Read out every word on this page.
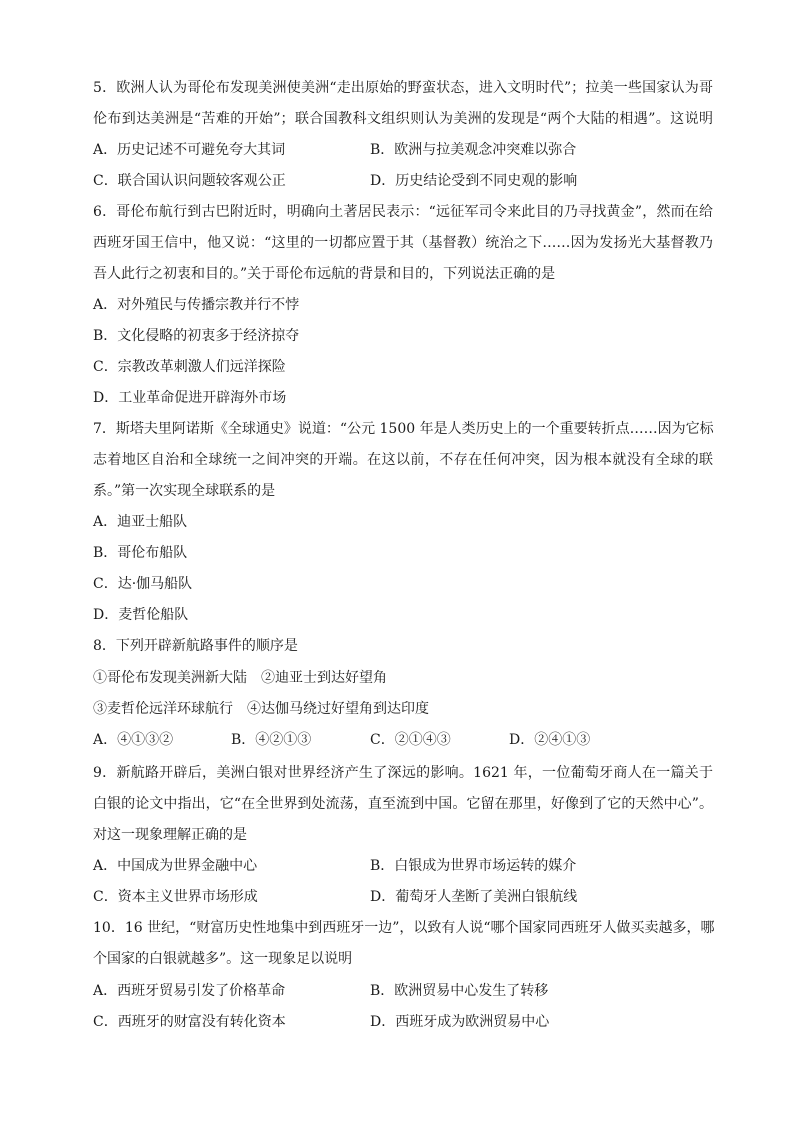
5．欧洲人认为哥伦布发现美洲使美洲“走出原始的野蛮状态，进入文明时代”；拉美一些国家认为哥
伦布到达美洲是“苦难的开始”；联合国教科文组织则认为美洲的发现是“两个大陆的相遇”。这说明
A．历史记述不可避免夸大其词	B．欧洲与拉美观念冲突难以弥合
C．联合国认识问题较客观公正	D．历史结论受到不同史观的影响
6．哥伦布航行到古巴附近时，明确向土著居民表示：“远征军司令来此目的乃寻找黄金”，然而在给
西班牙国王信中，他又说：“这里的一切都应置于其（基督教）统治之下……因为发扬光大基督教乃
吾人此行之初衷和目的。”关于哥伦布远航的背景和目的，下列说法正确的是
A．对外殖民与传播宗教并行不悖
B．文化侵略的初衷多于经济掠夺
C．宗教改革刺激人们远洋探险
D．工业革命促进开辟海外市场
7．斯塔夫里阿诺斯《全球通史》说道：“公元 1500 年是人类历史上的一个重要转折点……因为它标
志着地区自治和全球统一之间冲突的开端。在这以前，不存在任何冲突，因为根本就没有全球的联
系。”第一次实现全球联系的是
A．迪亚士船队
B．哥伦布船队
C．达·伽马船队
D．麦哲伦船队
8．下列开辟新航路事件的顺序是
①哥伦布发现美洲新大陆　②迪亚士到达好望角
③麦哲伦远洋环球航行　④达伽马绕过好望角到达印度
A．④①③②	B．④②①③	C．②①④③	D．②④①③
9．新航路开辟后，美洲白银对世界经济产生了深远的影响。1621 年，一位葡萄牙商人在一篇关于
白银的论文中指出，它“在全世界到处流荡，直至流到中国。它留在那里，好像到了它的天然中心”。
对这一现象理解正确的是
A．中国成为世界金融中心	B．白银成为世界市场运转的媒介
C．资本主义世界市场形成	D．葡萄牙人垄断了美洲白银航线
10．16 世纪，“财富历史性地集中到西班牙一边”，以致有人说“哪个国家同西班牙人做买卖越多，哪
个国家的白银就越多”。这一现象足以说明
A．西班牙贸易引发了价格革命	B．欧洲贸易中心发生了转移
C．西班牙的财富没有转化资本	D．西班牙成为欧洲贸易中心
